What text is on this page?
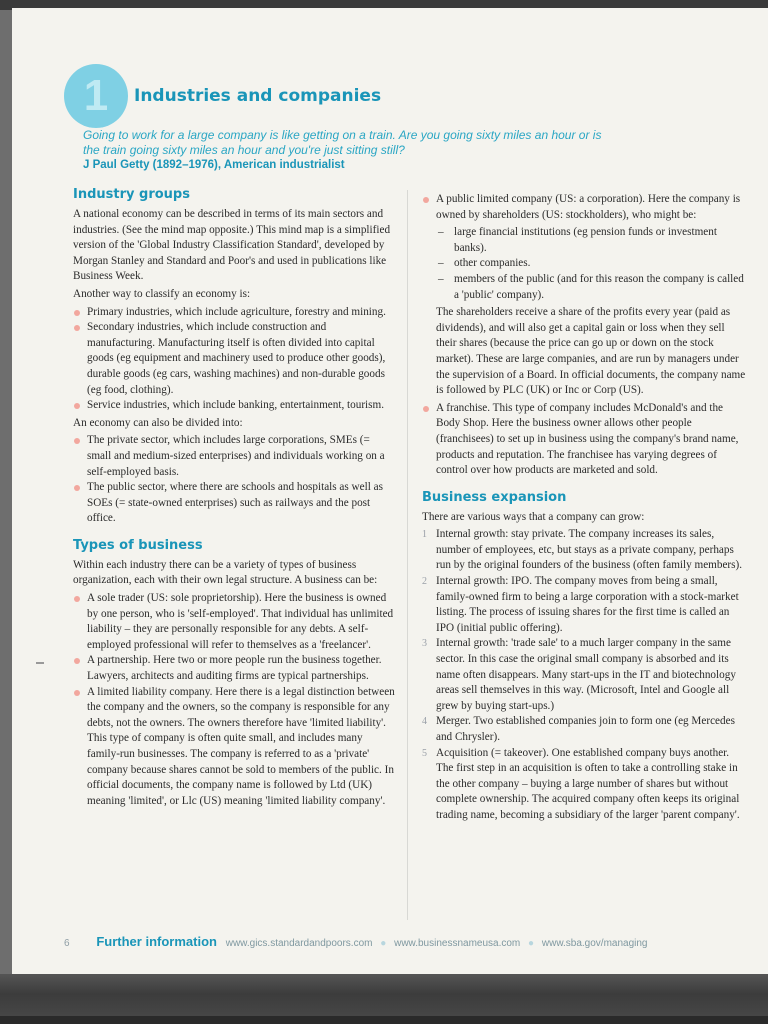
1	Industries and companies
Going to work for a large company is like getting on a train. Are you going sixty miles an hour or is the train going sixty miles an hour and you're just sitting still?
J Paul Getty (1892–1976), American industrialist
Industry groups

A national economy can be described in terms of its main sectors and industries. (See the mind map opposite.) This mind map is a simplified version of the 'Global Industry Classification Standard', developed by Morgan Stanley and Standard and Poor's and used in publications like Business Week.

Another way to classify an economy is:

Primary industries, which include agriculture, forestry and mining.
Secondary industries, which include construction and manufacturing. Manufacturing itself is often divided into capital goods (eg equipment and machinery used to produce other goods), durable goods (eg cars, washing machines) and non-durable goods (eg food, clothing).
Service industries, which include banking, entertainment, tourism.

An economy can also be divided into:

The private sector, which includes large corporations, SMEs (= small and medium-sized enterprises) and individuals working on a self-employed basis.
The public sector, where there are schools and hospitals as well as SOEs (= state-owned enterprises) such as railways and the post office.
Types of business

Within each industry there can be a variety of types of business organization, each with their own legal structure. A business can be:

A sole trader (US: sole proprietorship). Here the business is owned by one person, who is 'self-employed'. That individual has unlimited liability – they are personally responsible for any debts. A self-employed professional will refer to themselves as a 'freelancer'.
A partnership. Here two or more people run the business together. Lawyers, architects and auditing firms are typical partnerships.
A limited liability company. Here there is a legal distinction between the company and the owners, so the company is responsible for any debts, not the owners. The owners therefore have 'limited liability'. This type of company is often quite small, and includes many family-run businesses. The company is referred to as a 'private' company because shares cannot be sold to members of the public. In official documents, the company name is followed by Ltd (UK) meaning 'limited', or Llc (US) meaning 'limited liability company'.
A public limited company (US: a corporation). Here the company is owned by shareholders (US: stockholders), who might be:
– large financial institutions (eg pension funds or investment banks).
– other companies.
– members of the public (and for this reason the company is called a 'public' company).

The shareholders receive a share of the profits every year (paid as dividends), and will also get a capital gain or loss when they sell their shares (because the price can go up or down on the stock market). These are large companies, and are run by managers under the supervision of a Board. In official documents, the company name is followed by PLC (UK) or Inc or Corp (US).

A franchise. This type of company includes McDonald's and the Body Shop. Here the business owner allows other people (franchisees) to set up in business using the company's brand name, products and reputation. The franchisee has varying degrees of control over how products are marketed and sold.
Business expansion

There are various ways that a company can grow:

1 Internal growth: stay private. The company increases its sales, number of employees, etc, but stays as a private company, perhaps run by the original founders of the business (often family members).
2 Internal growth: IPO. The company moves from being a small, family-owned firm to being a large corporation with a stock-market listing. The process of issuing shares for the first time is called an IPO (initial public offering).
3 Internal growth: 'trade sale' to a much larger company in the same sector. In this case the original small company is absorbed and its name often disappears. Many start-ups in the IT and biotechnology areas sell themselves in this way. (Microsoft, Intel and Google all grew by buying start-ups.)
4 Merger. Two established companies join to form one (eg Mercedes and Chrysler).
5 Acquisition (= takeover). One established company buys another. The first step in an acquisition is often to take a controlling stake in the other company – buying a large number of shares but without complete ownership. The acquired company often keeps its original trading name, becoming a subsidiary of the larger 'parent company'.
6 Further information www.gics.standardandpoors.com ● www.businessnameusa.com ● www.sba.gov/managing
